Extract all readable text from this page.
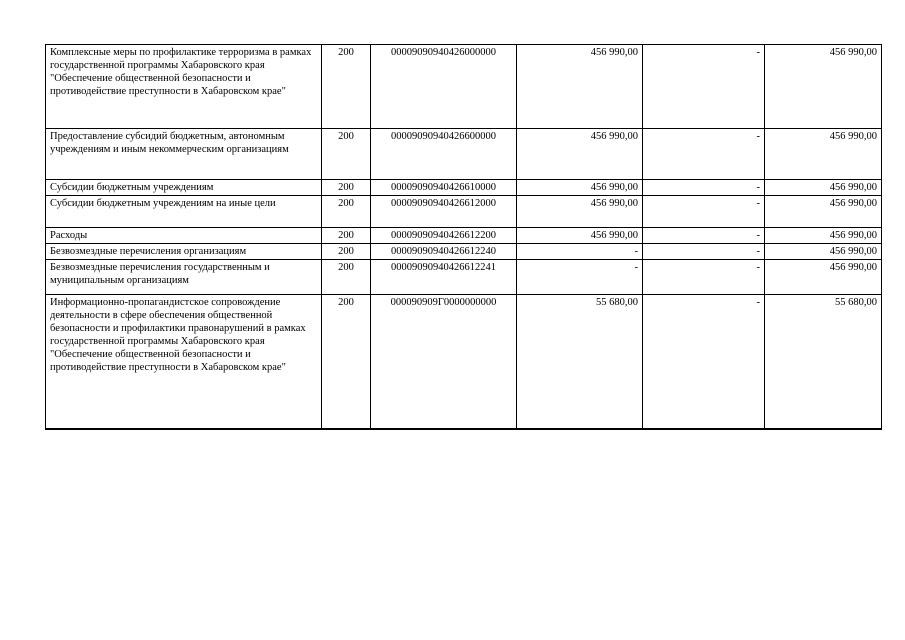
Комплексные меры по профилактике терроризма в рамках государственной программы Хабаровского края "Обеспечение общественной безопасности и противодействие преступности в Хабаровском крае"	200	00009090940426000000	456 990,00	-	456 990,00
Предоставление субсидий бюджетным, автономным учреждениям и иным некоммерческим организациям	200	00009090940426600000	456 990,00	-	456 990,00
Субсидии бюджетным учреждениям	200	00009090940426610000	456 990,00	-	456 990,00
Субсидии бюджетным учреждениям на иные цели	200	00009090940426612000	456 990,00	-	456 990,00
Расходы	200	00009090940426612200	456 990,00	-	456 990,00
Безвозмездные перечисления организациям	200	00009090940426612240	-	-	456 990,00
Безвозмездные перечисления государственным и муниципальным организациям	200	00009090940426612241	-	-	456 990,00
Информационно-пропагандистское сопровождение деятельности в сфере обеспечения общественной безопасности и профилактики правонарушений в рамках государственной программы Хабаровского края "Обеспечение общественной безопасности и противодействие преступности в Хабаровском крае"	200	000090909Г0000000000	55 680,00	-	55 680,00
